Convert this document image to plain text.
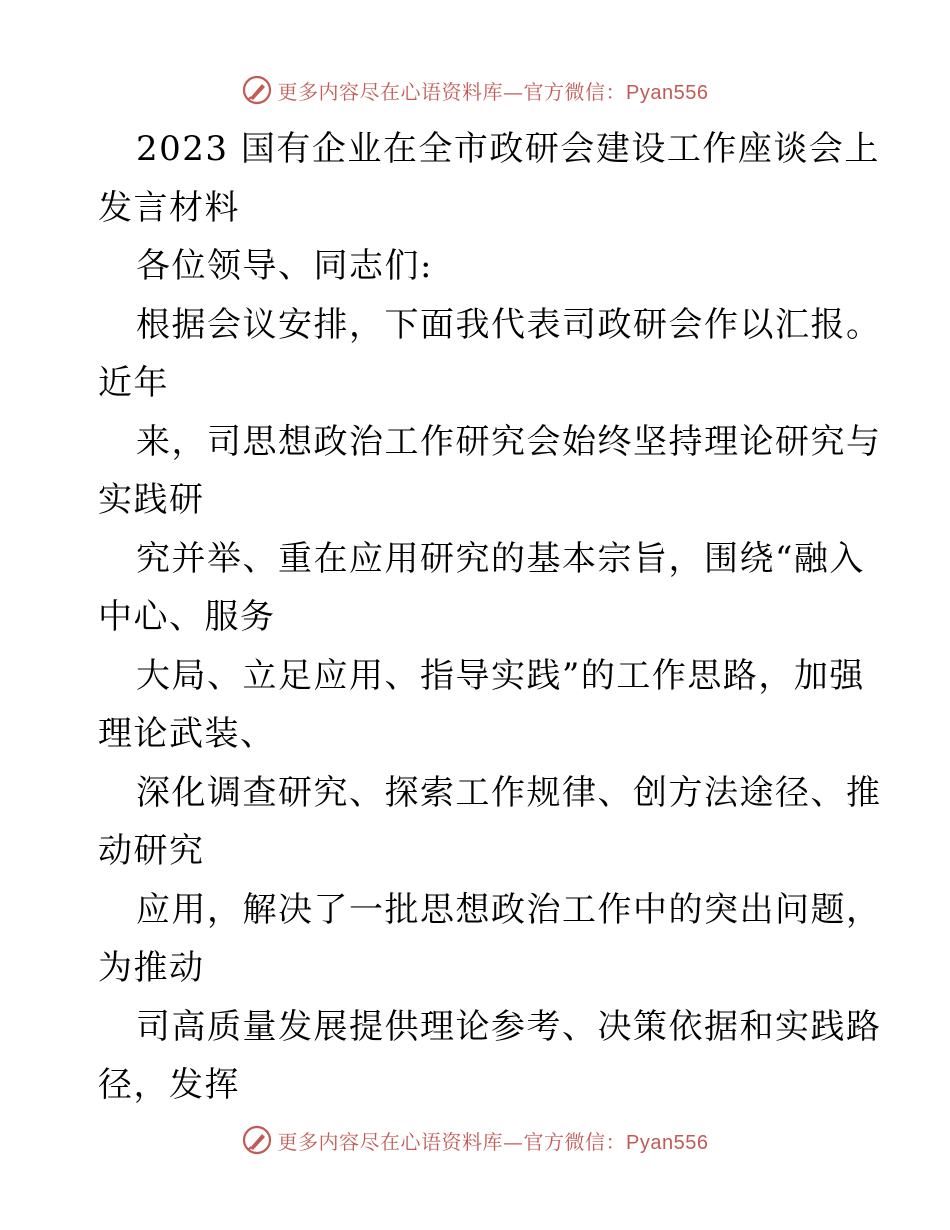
更多内容尽在心语资料库—官方微信：Pyan556
2023 国有企业在全市政研会建设工作座谈会上
发言材料
各位领导、同志们:
根据会议安排，下面我代表司政研会作以汇报。
近年
来，司思想政治工作研究会始终坚持理论研究与
实践研
究并举、重在应用研究的基本宗旨，围绕“融入
中心、服务
大局、立足应用、指导实践”的工作思路，加强
理论武装、
深化调查研究、探索工作规律、创方法途径、推
动研究
应用，解决了一批思想政治工作中的突出问题，
为推动
司高质量发展提供理论参考、决策依据和实践路
径，发挥
更多内容尽在心语资料库—官方微信：Pyan556
